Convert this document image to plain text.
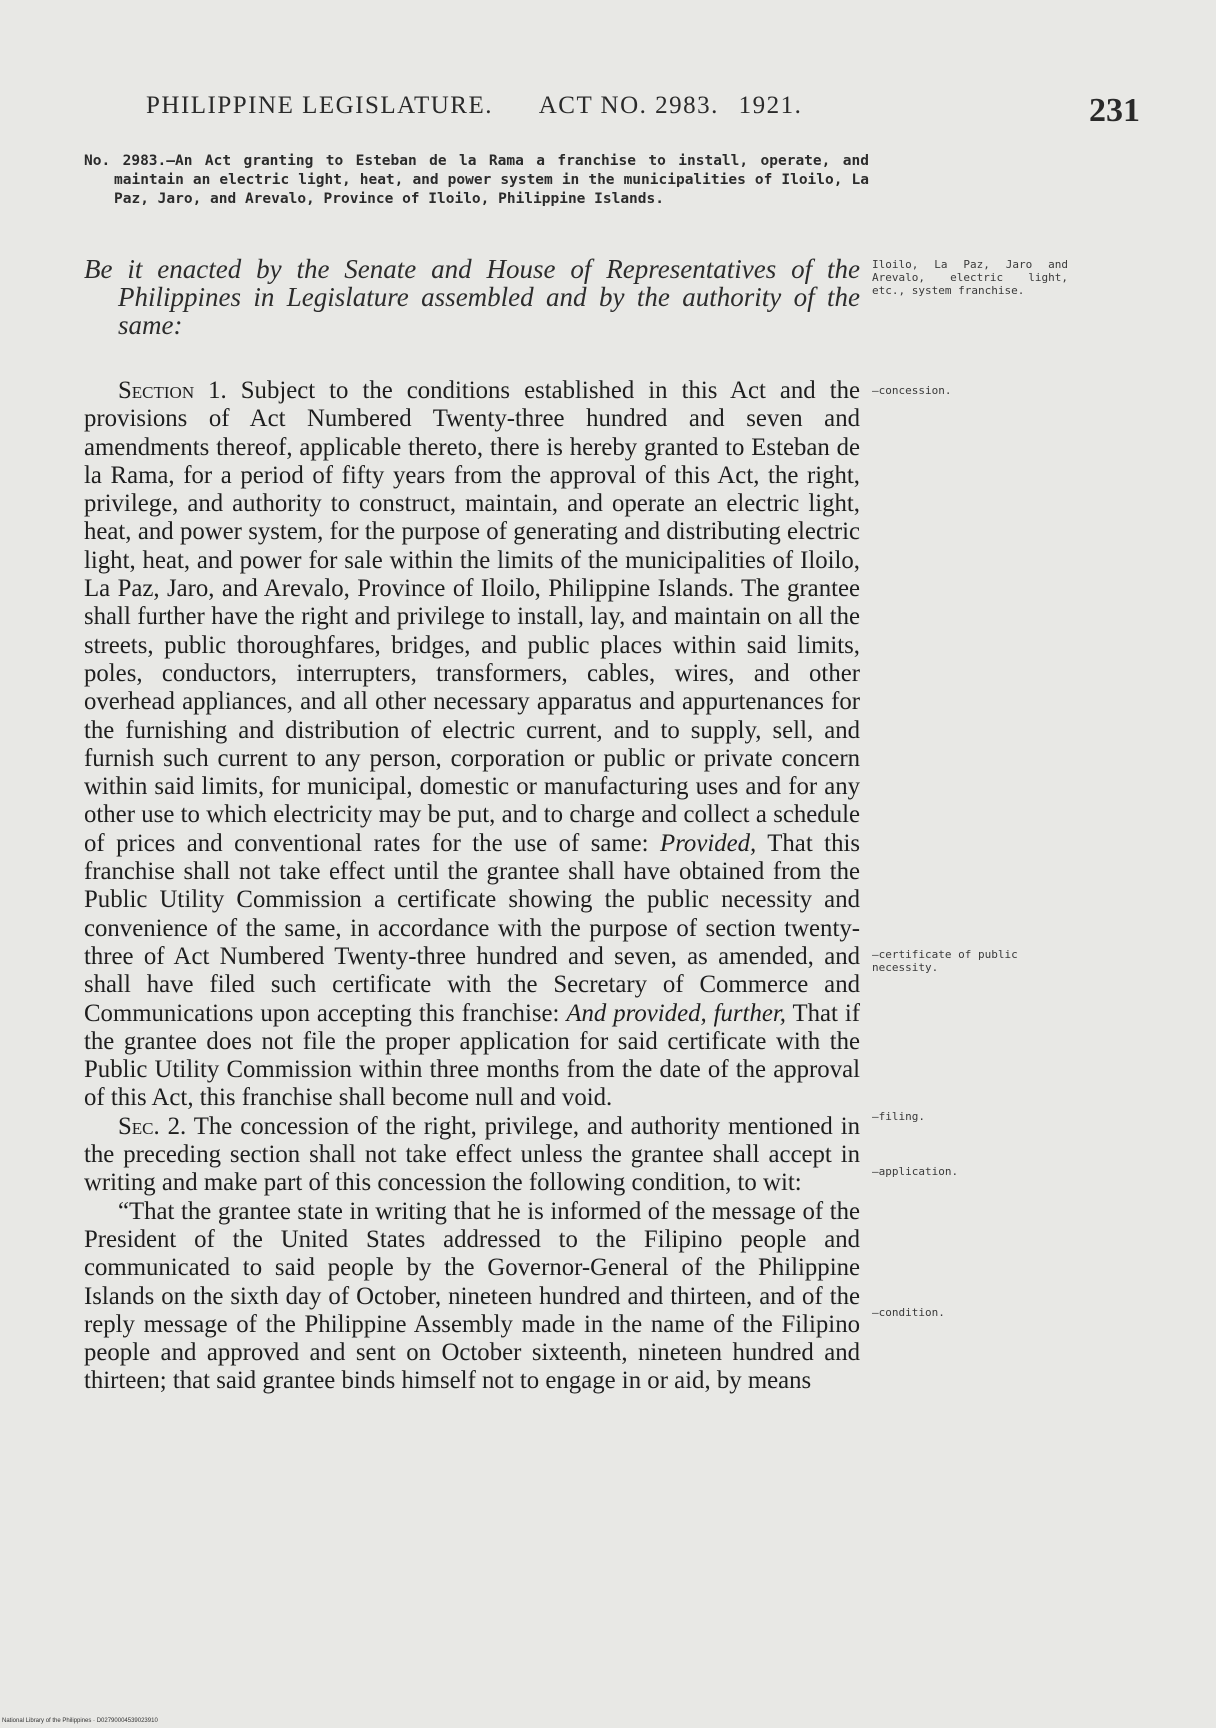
PHILIPPINE LEGISLATURE. ACT NO. 2983. 1921.	231

No. 2983.—An Act granting to Esteban de la Rama a franchise to install, operate, and maintain an electric light, heat, and power system in the municipalities of Iloilo, La Paz, Jaro, and Arevalo, Province of Iloilo, Philippine Islands.

Be it enacted by the Senate and House of Representatives of the Philippines in Legislature assembled and by the authority of the same:

Section 1. Subject to the conditions established in this Act and the provisions of Act Numbered Twenty-three hundred and seven and amendments thereof, applicable thereto, there is hereby granted to Esteban de la Rama, for a period of fifty years from the approval of this Act, the right, privilege, and authority to construct, maintain, and operate an electric light, heat, and power system, for the purpose of generating and distributing electric light, heat, and power for sale within the limits of the municipalities of Iloilo, La Paz, Jaro, and Arevalo, Province of Iloilo, Philippine Islands. The grantee shall further have the right and privilege to install, lay, and maintain on all the streets, public thoroughfares, bridges, and public places within said limits, poles, conductors, interrupters, transformers, cables, wires, and other overhead appliances, and all other necessary apparatus and appurtenances for the furnishing and distribution of electric current, and to supply, sell, and furnish such current to any person, corporation or public or private concern within said limits, for municipal, domestic or manufacturing uses and for any other use to which electricity may be put, and to charge and collect a schedule of prices and conventional rates for the use of same: Provided, That this franchise shall not take effect until the grantee shall have obtained from the Public Utility Commission a certificate showing the public necessity and convenience of the same, in accordance with the purpose of section twenty-three of Act Numbered Twenty-three hundred and seven, as amended, and shall have filed such certificate with the Secretary of Commerce and Communications upon accepting this franchise: And provided, further, That if the grantee does not file the proper application for said certificate with the Public Utility Commission within three months from the date of the approval of this Act, this franchise shall become null and void.

Sec. 2. The concession of the right, privilege, and authority mentioned in the preceding section shall not take effect unless the grantee shall accept in writing and make part of this concession the following condition, to wit:

“That the grantee state in writing that he is informed of the message of the President of the United States addressed to the Filipino people and communicated to said people by the Governor-General of the Philippine Islands on the sixth day of October, nineteen hundred and thirteen, and of the reply message of the Philippine Assembly made in the name of the Filipino people and approved and sent on October sixteenth, nineteen hundred and thirteen; that said grantee binds himself not to engage in or aid, by means

Iloilo, La Paz, Jaro and Arevalo, electric light, etc., system franchise.
—concession.
—certificate of public necessity.
—filing.
—application.
—condition.
National Library of the Philippines · D02790004539023910
